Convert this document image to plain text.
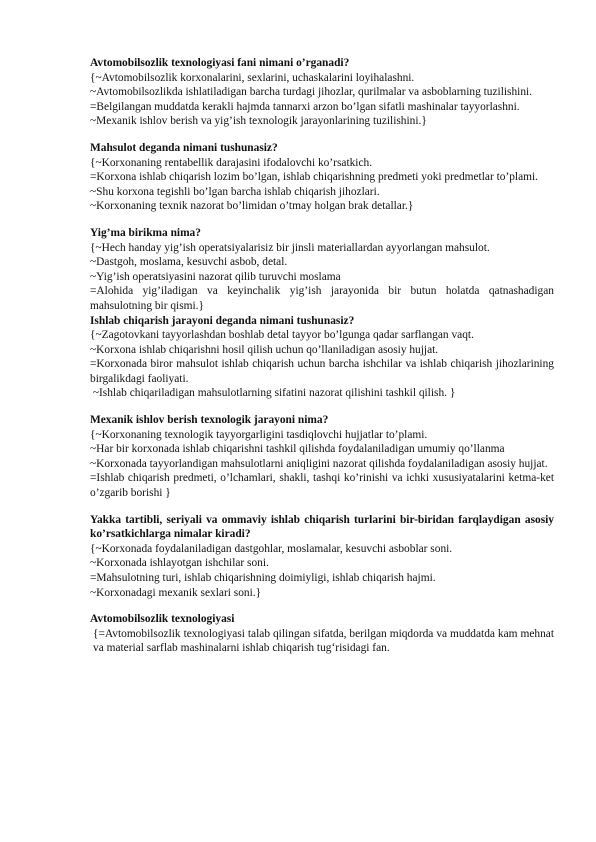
Avtomobilsozlik texnologiyasi fani nimani o’rganadi?
{~Avtomobilsozlik korxonalarini, sexlarini, uchaskalarini loyihalashni.
~Avtomobilsozlikda ishlatiladigan barcha turdagi jihozlar, qurilmalar va asboblarning tuzilishini.
=Belgilangan muddatda kerakli hajmda tannarxi arzon bo’lgan sifatli mashinalar tayyorlashni.
~Mexanik ishlov berish va yig’ish texnologik jarayonlarining tuzilishini.}
Mahsulot deganda nimani tushunasiz?
{~Korxonaning rentabellik darajasini ifodalovchi ko’rsatkich.
=Korxona ishlab chiqarish lozim bo’lgan, ishlab chiqarishning predmeti yoki predmetlar to’plami.
~Shu korxona tegishli bo’lgan barcha ishlab chiqarish jihozlari.
~Korxonaning texnik nazorat bo’limidan o’tmay holgan brak detallar.}
Yig’ma birikma nima?
{~Hech handay yig’ish operatsiyalarisiz bir jinsli materiallardan ayyorlangan mahsulot.
~Dastgoh, moslama, kesuvchi asbob, detal.
~Yig’ish operatsiyasini nazorat qilib turuvchi moslama
=Alohida yig’iladigan va keyinchalik yig’ish jarayonida bir butun holatda qatnashadigan mahsulotning bir qismi.}
Ishlab chiqarish jarayoni deganda nimani tushunasiz?
{~Zagotovkani tayyorlashdan boshlab detal tayyor bo’lgunga qadar sarflangan vaqt.
~Korxona ishlab chiqarishni hosil qilish uchun qo’llaniladigan asosiy hujjat.
=Korxonada biror mahsulot ishlab chiqarish uchun barcha ishchilar va ishlab chiqarish jihozlarining birgalikdagi faoliyati.
~Ishlab chiqariladigan mahsulotlarning sifatini nazorat qilishini tashkil qilish. }
Mexanik ishlov berish texnologik jarayoni nima?
{~Korxonaning texnologik tayyorgarligini tasdiqlovchi hujjatlar to’plami.
~Har bir korxonada ishlab chiqarishni tashkil qilishda foydalaniladigan umumiy qo’llanma
~Korxonada tayyorlandigan mahsulotlarni aniqligini nazorat qilishda foydalaniladigan asosiy hujjat.
=Ishlab chiqarish predmeti, o’lchamlari, shakli, tashqi ko’rinishi va ichki xususiyatalarini ketma-ket o’zgarib borishi }
Yakka tartibli, seriyali va ommaviy ishlab chiqarish turlarini bir-biridan farqlaydigan asosiy ko’rsatkichlarga nimalar kiradi?
{~Korxonada foydalaniladigan dastgohlar, moslamalar, kesuvchi asboblar soni.
~Korxonada ishlayotgan ishchilar soni.
=Mahsulotning turi, ishlab chiqarishning doimiyligi, ishlab chiqarish hajmi.
~Korxonadagi mexanik sexlari soni.}
Avtomobilsozlik texnologiyasi
{=Avtomobilsozlik texnologiyasi talab qilingan sifatda, berilgan miqdorda va muddatda kam mehnat va material sarflab mashinalarni ishlab chiqarish tug‘risidagi fan.
